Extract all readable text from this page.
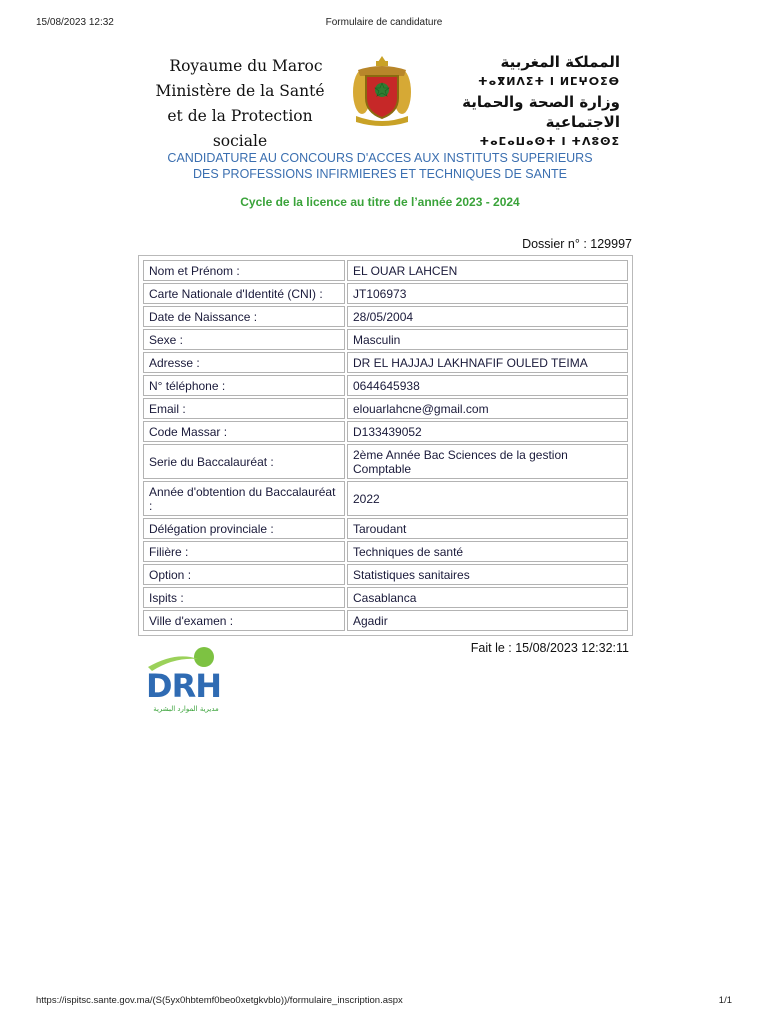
15/08/2023 12:32	Formulaire de candidature
Royaume du Maroc
Ministère de la Santé
et de la Protection sociale
المملكة المغربية
ⵜⴰⴳⵍⴷⵉⵜ ⵏ ⵍⵎⵖⵔⵉⴱ
وزارة الصحة والحماية الاجتماعية
ⵜⴰⵎⴰⵡⴰⵙⵜ ⵏ ⵜⴷⵓⵙⵉ
CANDIDATURE AU CONCOURS D'ACCES AUX INSTITUTS SUPERIEURS
DES PROFESSIONS INFIRMIERES ET TECHNIQUES DE SANTE
Cycle de la licence au titre de l’année 2023 - 2024
Dossier n° : 129997
Nom et Prénom :	EL OUAR LAHCEN
Carte Nationale d'Identité (CNI) :	JT106973
Date de Naissance :	28/05/2004
Sexe :	Masculin
Adresse :	DR EL HAJJAJ LAKHNAFIF OULED TEIMA
N° téléphone :	0644645938
Email :	elouarlahcne@gmail.com
Code Massar :	D133439052
Serie du Baccalauréat :	2ème Année Bac Sciences de la gestion Comptable
Année d'obtention du Baccalauréat :	2022
Délégation provinciale :	Taroudant
Filière :	Techniques de santé
Option :	Statistiques sanitaires
Ispits :	Casablanca
Ville d'examen :	Agadir
Fait le : 15/08/2023 12:32:11
DRH
مديرية الموارد البشرية
https://ispitsc.sante.gov.ma/(S(5yx0hbtemf0beo0xetgkvblo))/formulaire_inscription.aspx	1/1
